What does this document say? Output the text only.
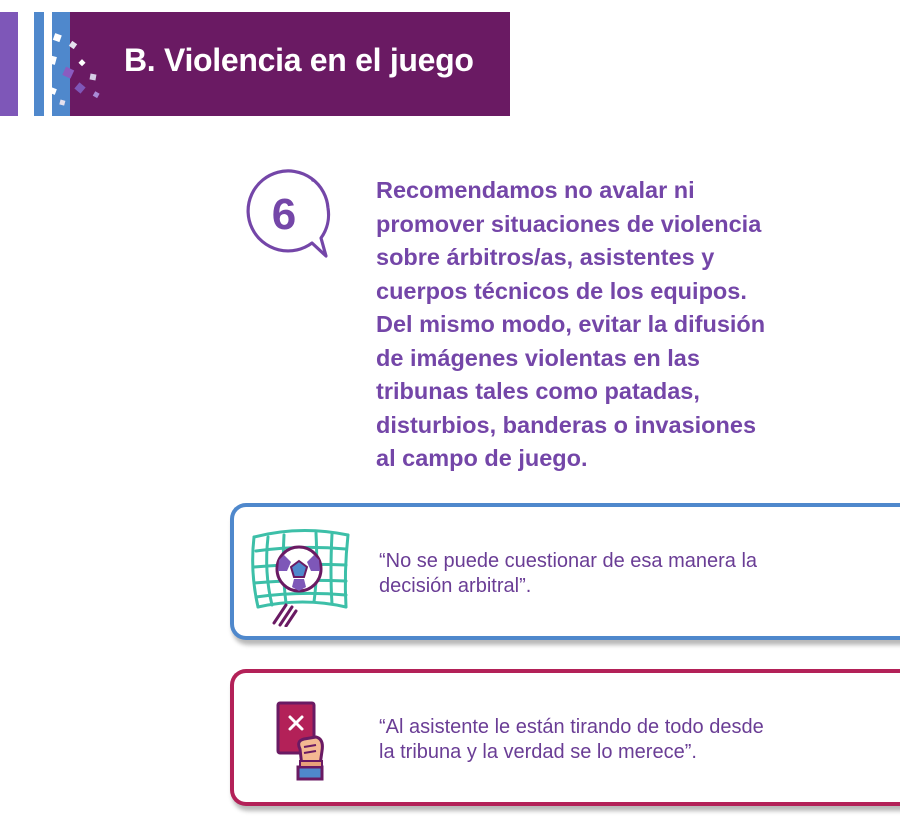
B. Violencia en el juego
6	Recomendamos no avalar ni
promover situaciones de violencia
sobre árbitros/as, asistentes y
cuerpos técnicos de los equipos.
Del mismo modo, evitar la difusión
de imágenes violentas en las
tribunas tales como patadas,
disturbios, banderas o invasiones
al campo de juego.
“No se puede cuestionar de esa manera la
decisión arbitral”.
“Al asistente le están tirando de todo desde
la tribuna y la verdad se lo merece”.
